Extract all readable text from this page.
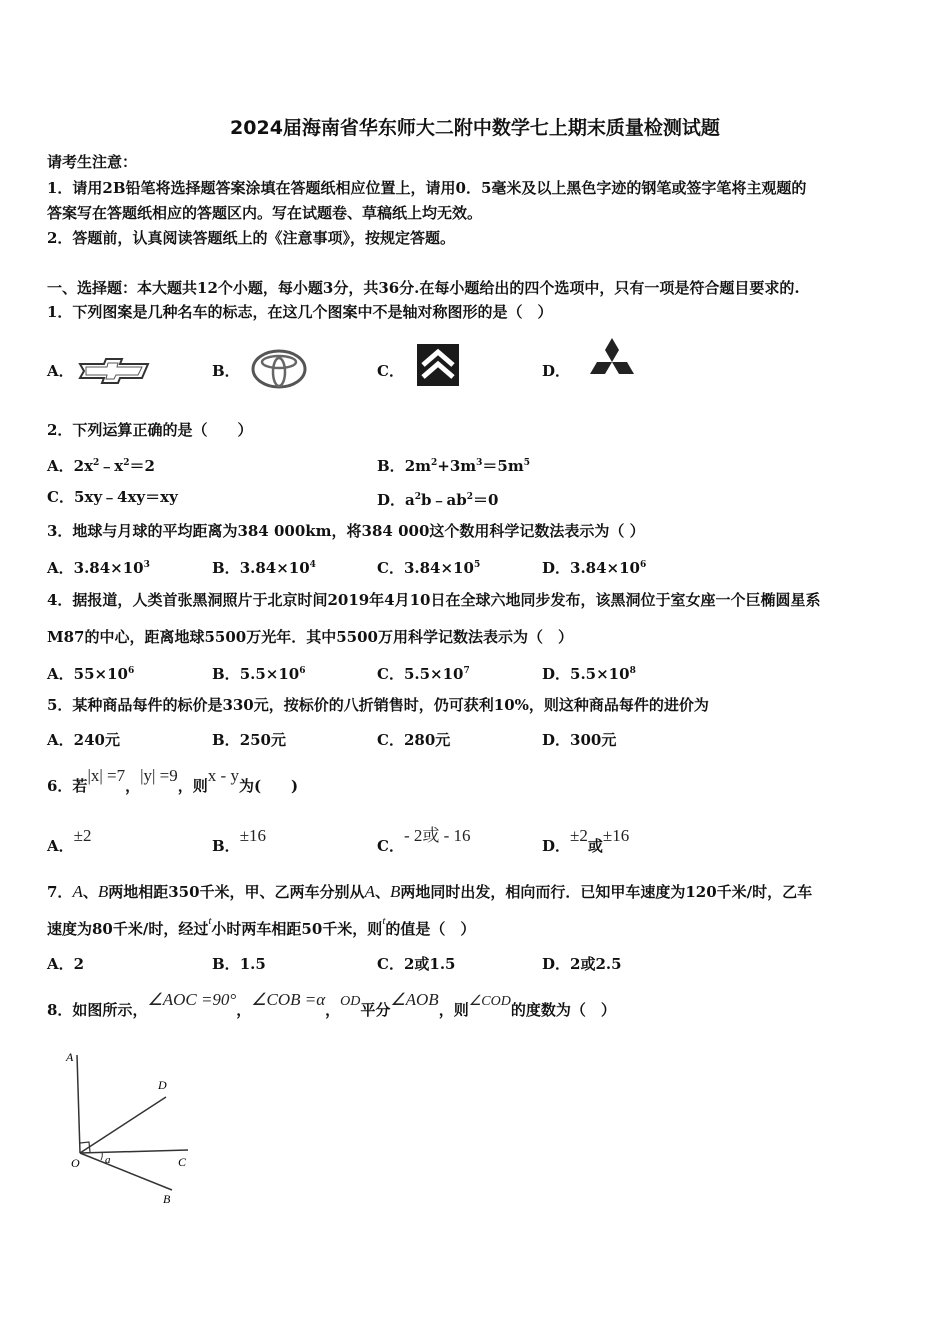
2024届海南省华东师大二附中数学七上期末质量检测试题
请考生注意：
1．请用2B铅笔将选择题答案涂填在答题纸相应位置上，请用0．5毫米及以上黑色字迹的钢笔或签字笔将主观题的
答案写在答题纸相应的答题区内。写在试题卷、草稿纸上均无效。
2．答题前，认真阅读答题纸上的《注意事项》，按规定答题。
一、选择题：本大题共12个小题，每小题3分，共36分.在每小题给出的四个选项中，只有一项是符合题目要求的.
1．下列图案是几种名车的标志，在这几个图案中不是轴对称图形的是（　）
A．	B．	C．	D．
2．下列运算正确的是（　　）
A．$2x^2﹣x^2=2$	B．$2m^2+3m^3=5m^5$
C．5xy﹣4xy＝xy	D．$a^2b﹣ab^2=0$
3．地球与月球的平均距离为384 000km，将384 000这个数用科学记数法表示为（ ）
A．$3.84\times 10^3$	B．$3.84\times 10^4$	C．$3.84\times 10^5$	D．$3.84\times 10^6$
4．据报道，人类首张黑洞照片于北京时间2019年4月10日在全球六地同步发布，该黑洞位于室女座一个巨椭圆星系
M87的中心，距离地球5500万光年．其中5500万用科学记数法表示为（　）
A．$55\times 10^6$	B．$5.5\times 10^6$	C．$5.5\times 10^7$	D．$5.5\times 10^8$
5．某种商品每件的标价是330元，按标价的八折销售时，仍可获利10%，则这种商品每件的进价为
A．240元	B．250元	C．280元	D．300元
6．若|x| =7，|y| =9，则x - y为(　　)
A．±2
B．±16
C．- 2或 - 16
D．±2或±16
7．A、B两地相距350千米，甲、乙两车分别从A、B两地同时出发，相向而行．已知甲车速度为120千米/时，乙车
速度为80千米/时，经过$^t$小时两车相距50千米，则$^t$的值是（　）
A．2	B．1.5	C．2或1.5	D．2或2.5
8．如图所示，∠AOC =90°，∠COB =α，OD平分∠AOB，则∠COD的度数为（　）
A
D
O a	C
B
